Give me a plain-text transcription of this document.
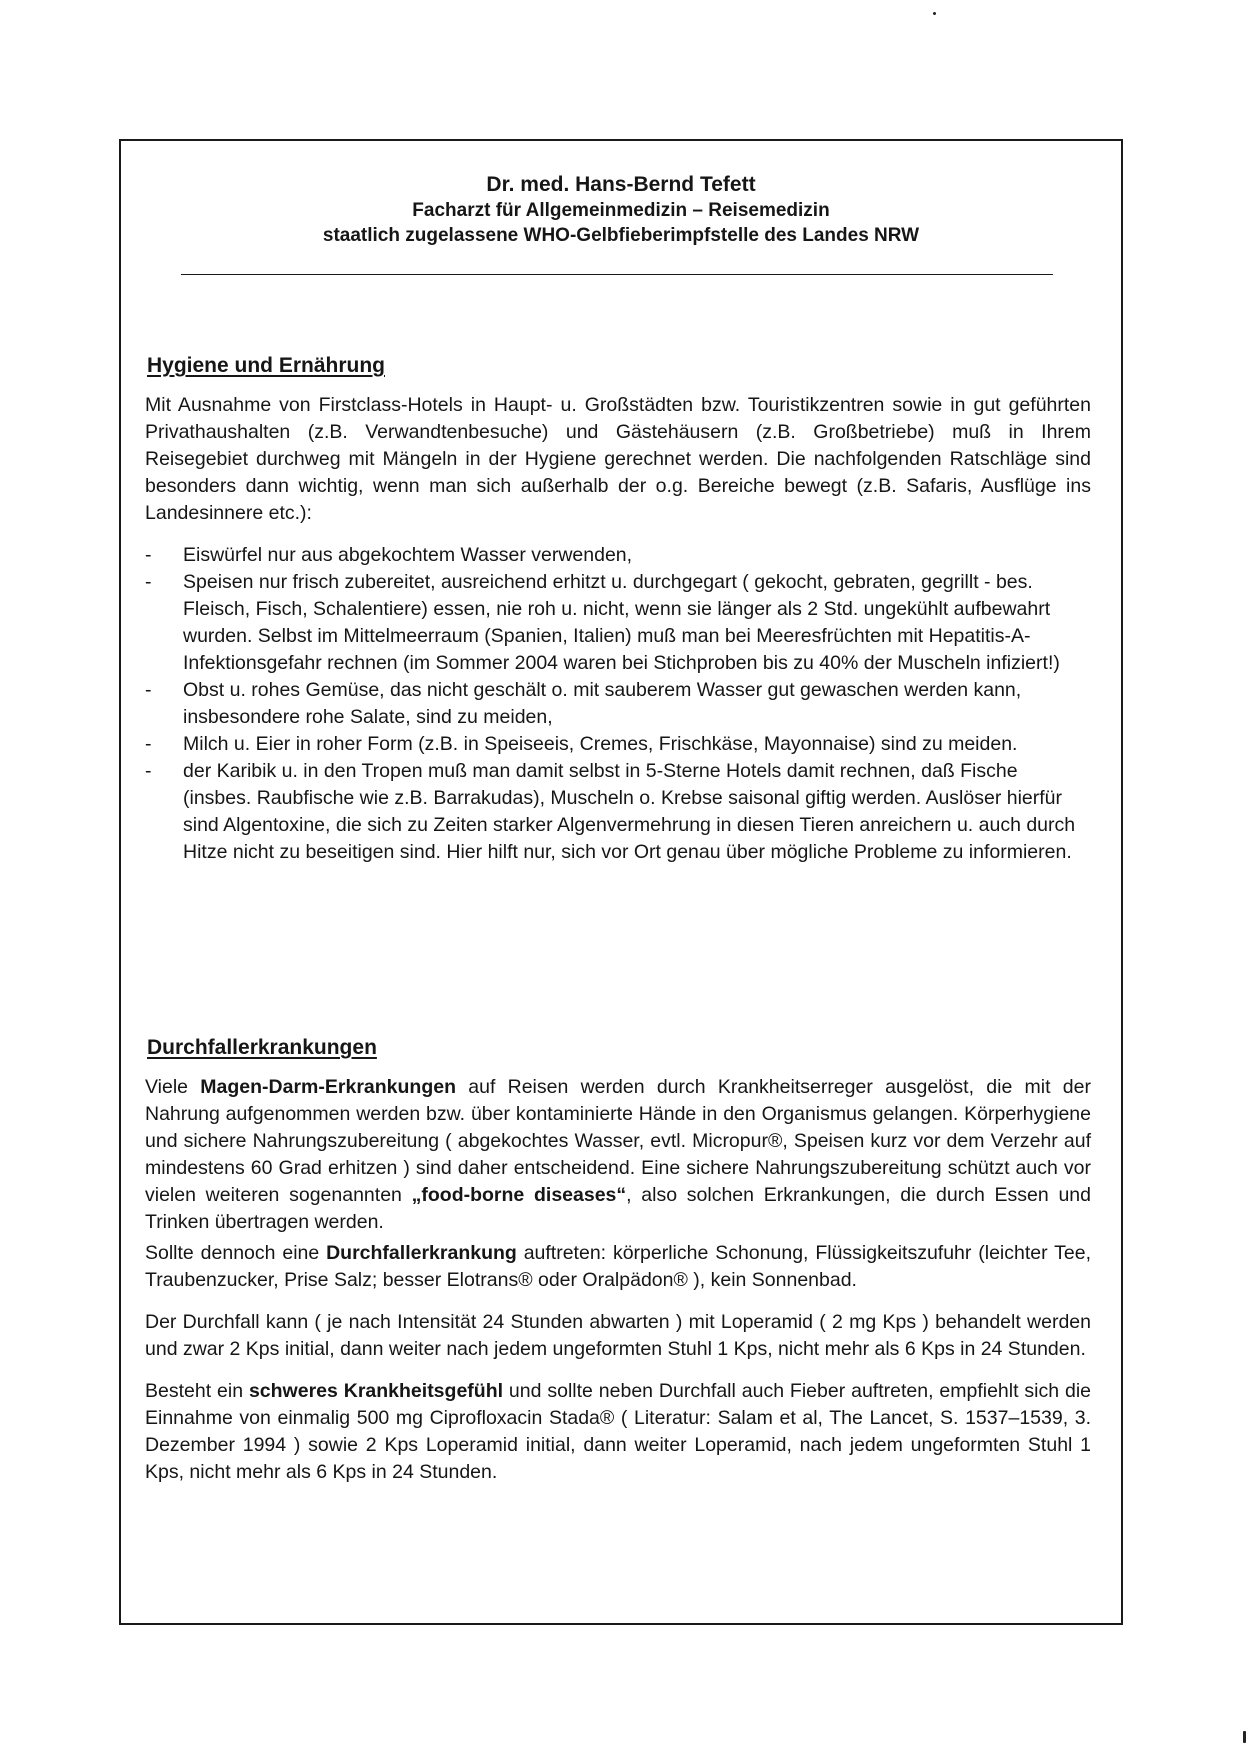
Dr. med. Hans-Bernd Tefett
Facharzt für Allgemeinmedizin – Reisemedizin
staatlich zugelassene WHO-Gelbfieberimpfstelle des Landes NRW
Hygiene und Ernährung

Mit Ausnahme von Firstclass-Hotels in Haupt- u. Großstädten bzw. Touristikzentren sowie in gut geführten Privathaushalten (z.B. Verwandtenbesuche) und Gästehäusern (z.B. Großbetriebe) muß in Ihrem Reisegebiet durchweg mit Mängeln in der Hygiene gerechnet werden. Die nachfolgenden Ratschläge sind besonders dann wichtig, wenn man sich außerhalb der o.g. Bereiche bewegt (z.B. Safaris, Ausflüge ins Landesinnere etc.):

- Eiswürfel nur aus abgekochtem Wasser verwenden,
- Speisen nur frisch zubereitet, ausreichend erhitzt u. durchgegart ( gekocht, gebraten, gegrillt - bes. Fleisch, Fisch, Schalentiere) essen, nie roh u. nicht, wenn sie länger als 2 Std. ungekühlt aufbewahrt wurden. Selbst im Mittelmeerraum (Spanien, Italien) muß man bei Meeresfrüchten mit Hepatitis-A-Infektionsgefahr rechnen (im Sommer 2004 waren bei Stichproben bis zu 40% der Muscheln infiziert!)
- Obst u. rohes Gemüse, das nicht geschält o. mit sauberem Wasser gut gewaschen werden kann, insbesondere rohe Salate, sind zu meiden,
- Milch u. Eier in roher Form (z.B. in Speiseeis, Cremes, Frischkäse, Mayonnaise) sind zu meiden.
- der Karibik u. in den Tropen muß man damit selbst in 5-Sterne Hotels damit rechnen, daß Fische (insbes. Raubfische wie z.B. Barrakudas), Muscheln o. Krebse saisonal giftig werden. Auslöser hierfür sind Algentoxine, die sich zu Zeiten starker Algenvermehrung in diesen Tieren anreichern u. auch durch Hitze nicht zu beseitigen sind. Hier hilft nur, sich vor Ort genau über mögliche Probleme zu informieren.
Durchfallerkrankungen

Viele Magen-Darm-Erkrankungen auf Reisen werden durch Krankheitserreger ausgelöst, die mit der Nahrung aufgenommen werden bzw. über kontaminierte Hände in den Organismus gelangen. Körperhygiene und sichere Nahrungszubereitung ( abgekochtes Wasser, evtl. Micropur®, Speisen kurz vor dem Verzehr auf mindestens 60 Grad erhitzen ) sind daher entscheidend. Eine sichere Nahrungszubereitung schützt auch vor vielen weiteren sogenannten „food-borne diseases“, also solchen Erkrankungen, die durch Essen und Trinken übertragen werden.

Sollte dennoch eine Durchfallerkrankung auftreten: körperliche Schonung, Flüssigkeitszufuhr (leichter Tee, Traubenzucker, Prise Salz; besser Elotrans® oder Oralpädon® ), kein Sonnenbad.

Der Durchfall kann ( je nach Intensität 24 Stunden abwarten ) mit Loperamid ( 2 mg Kps ) behandelt werden und zwar 2 Kps initial, dann weiter nach jedem ungeformten Stuhl 1 Kps, nicht mehr als 6 Kps in 24 Stunden.

Besteht ein schweres Krankheitsgefühl und sollte neben Durchfall auch Fieber auftreten, empfiehlt sich die Einnahme von einmalig 500 mg Ciprofloxacin Stada® ( Literatur: Salam et al, The Lancet, S. 1537–1539, 3. Dezember 1994 ) sowie 2 Kps Loperamid initial, dann weiter Loperamid, nach jedem ungeformten Stuhl 1 Kps, nicht mehr als 6 Kps in 24 Stunden.
